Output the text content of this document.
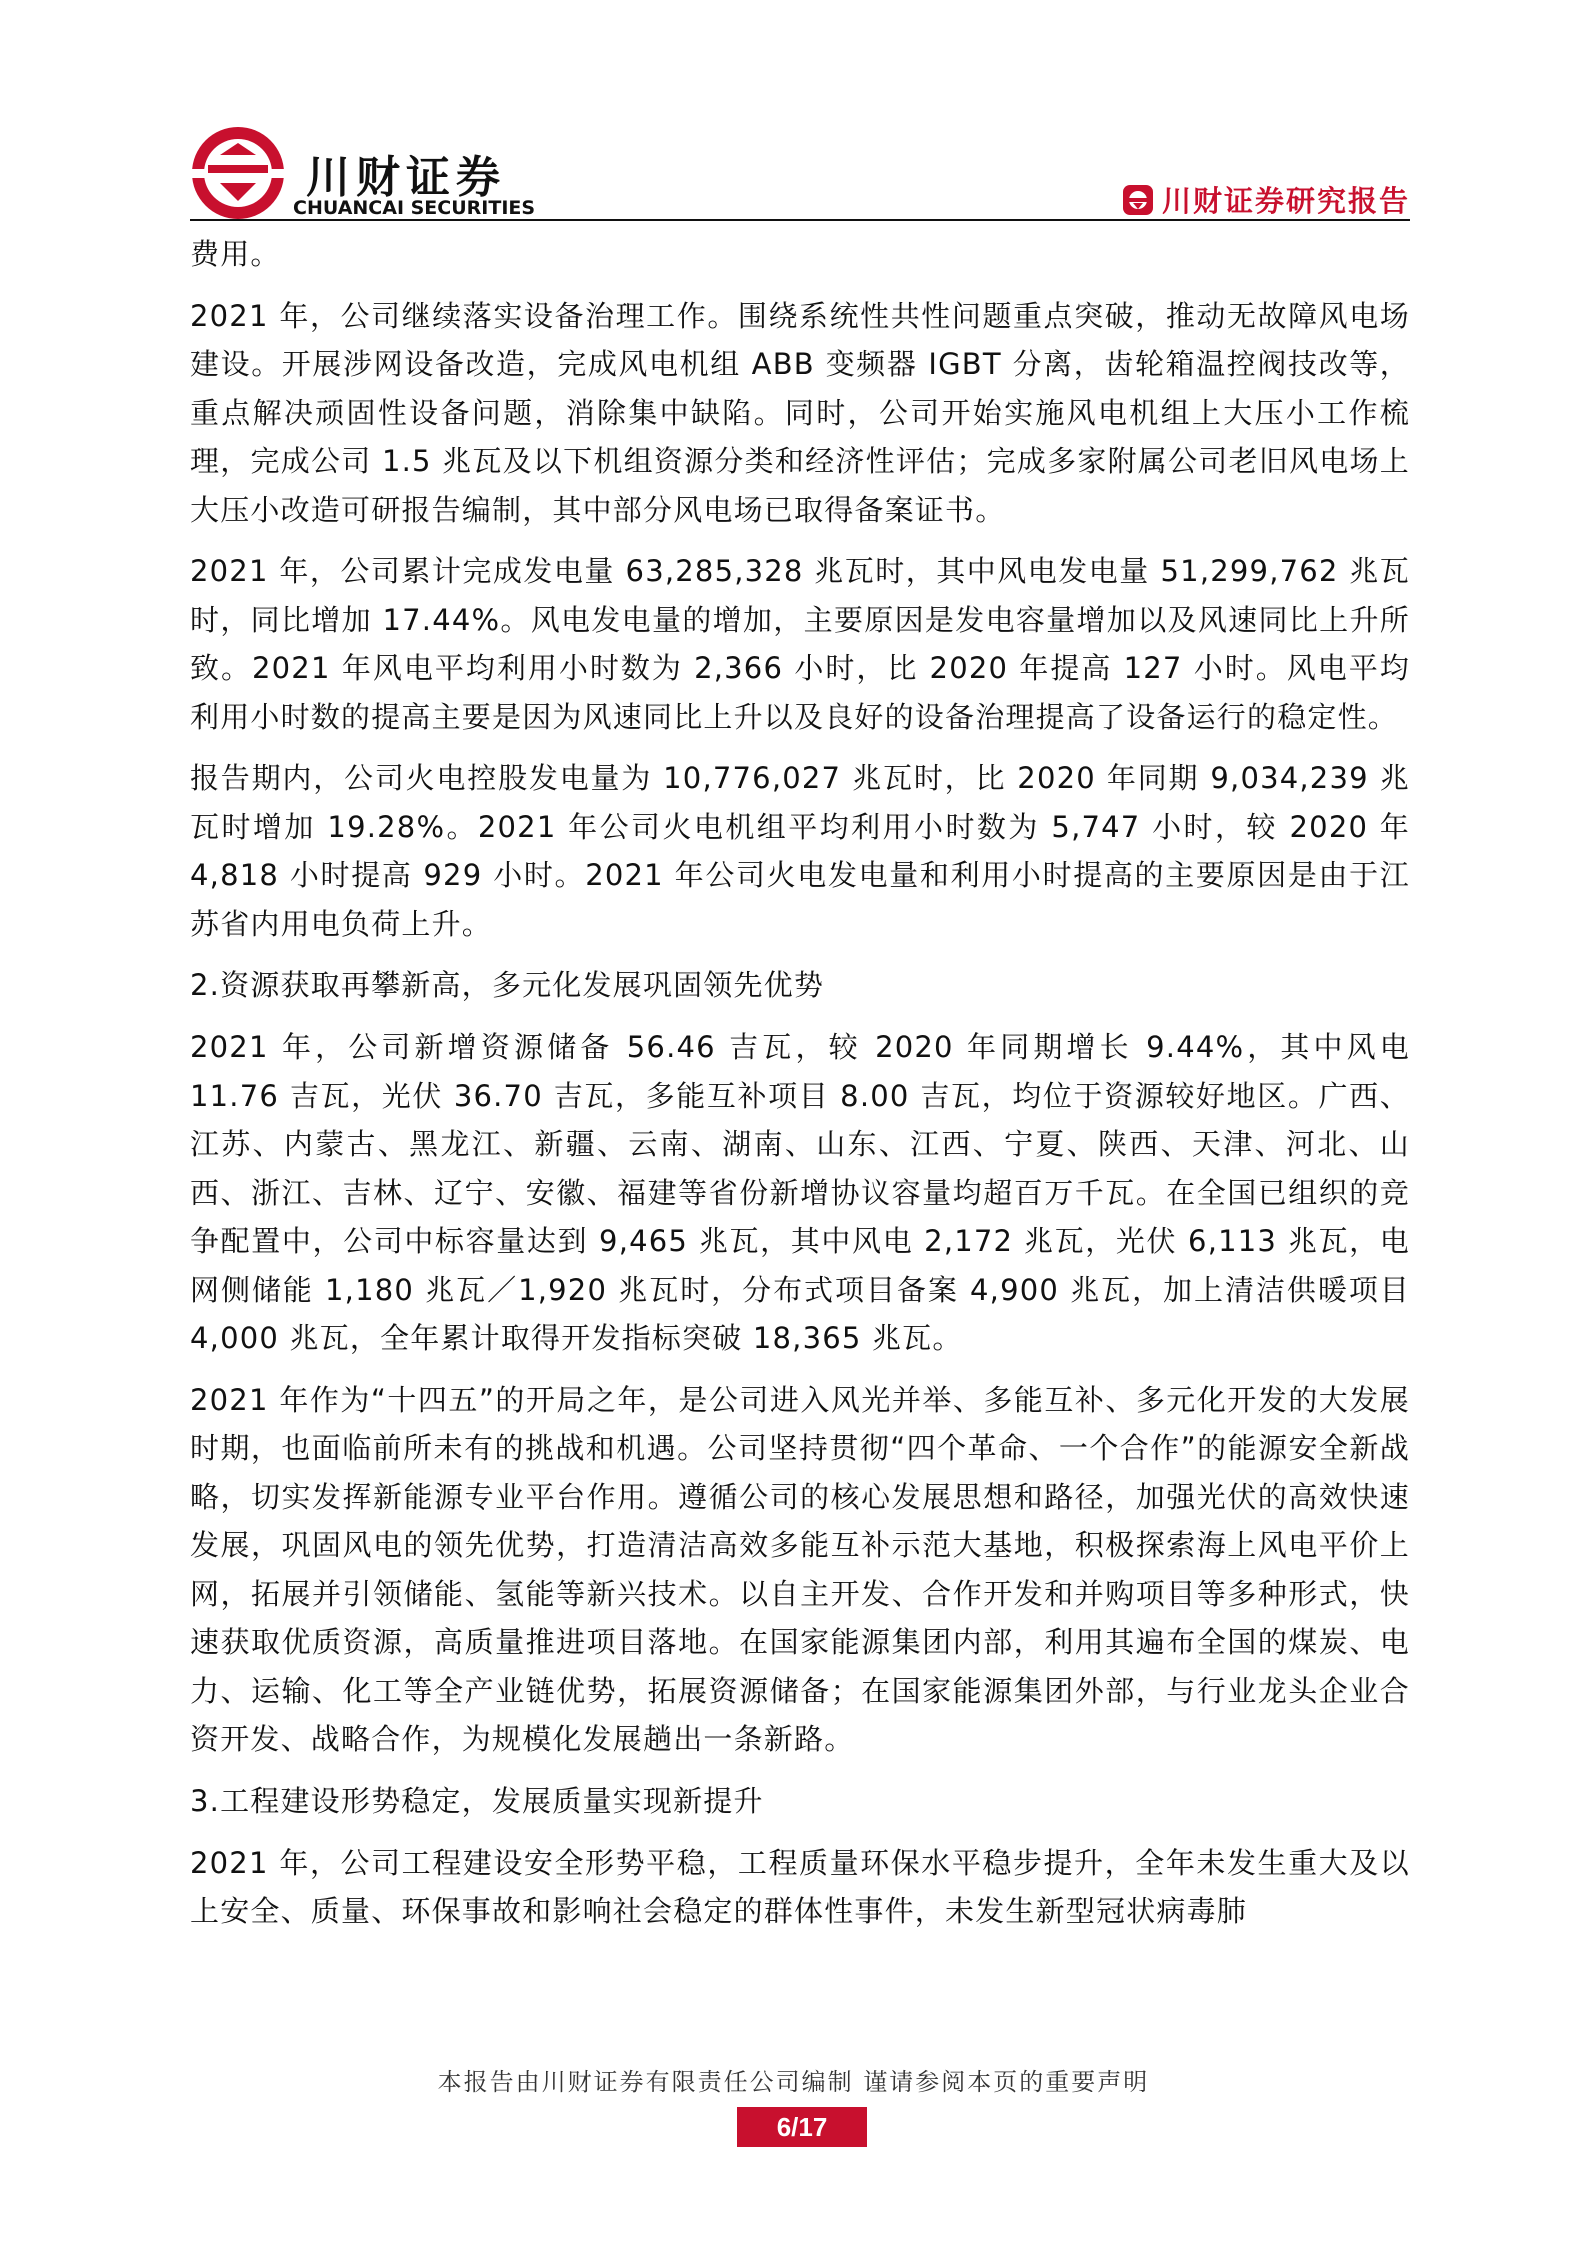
川财证券
CHUANCAI SECURITIES	川财证券研究报告

费用。

2021 年，公司继续落实设备治理工作。围绕系统性共性问题重点突破，推动无故障风电场建设。开展涉网设备改造，完成风电机组 ABB 变频器 IGBT 分离，齿轮箱温控阀技改等，重点解决顽固性设备问题，消除集中缺陷。同时，公司开始实施风电机组上大压小工作梳理，完成公司 1.5 兆瓦及以下机组资源分类和经济性评估；完成多家附属公司老旧风电场上大压小改造可研报告编制，其中部分风电场已取得备案证书。

2021 年，公司累计完成发电量 63,285,328 兆瓦时，其中风电发电量 51,299,762 兆瓦时，同比增加 17.44%。风电发电量的增加，主要原因是发电容量增加以及风速同比上升所致。2021 年风电平均利用小时数为 2,366 小时，比 2020 年提高 127 小时。风电平均利用小时数的提高主要是因为风速同比上升以及良好的设备治理提高了设备运行的稳定性。

报告期内，公司火电控股发电量为 10,776,027 兆瓦时，比 2020 年同期 9,034,239 兆瓦时增加 19.28%。2021 年公司火电机组平均利用小时数为 5,747 小时，较 2020 年 4,818 小时提高 929 小时。2021 年公司火电发电量和利用小时提高的主要原因是由于江苏省内用电负荷上升。

2.资源获取再攀新高，多元化发展巩固领先优势

2021 年，公司新增资源储备 56.46 吉瓦，较 2020 年同期增长 9.44%，其中风电 11.76 吉瓦，光伏 36.70 吉瓦，多能互补项目 8.00 吉瓦，均位于资源较好地区。广西、江苏、内蒙古、黑龙江、新疆、云南、湖南、山东、江西、宁夏、陕西、天津、河北、山西、浙江、吉林、辽宁、安徽、福建等省份新增协议容量均超百万千瓦。在全国已组织的竞争配置中，公司中标容量达到 9,465 兆瓦，其中风电 2,172 兆瓦，光伏 6,113 兆瓦，电网侧储能 1,180 兆瓦／1,920 兆瓦时，分布式项目备案 4,900 兆瓦，加上清洁供暖项目 4,000 兆瓦，全年累计取得开发指标突破 18,365 兆瓦。

2021 年作为“十四五”的开局之年，是公司进入风光并举、多能互补、多元化开发的大发展时期，也面临前所未有的挑战和机遇。公司坚持贯彻“四个革命、一个合作”的能源安全新战略，切实发挥新能源专业平台作用。遵循公司的核心发展思想和路径，加强光伏的高效快速发展，巩固风电的领先优势，打造清洁高效多能互补示范大基地，积极探索海上风电平价上网，拓展并引领储能、氢能等新兴技术。以自主开发、合作开发和并购项目等多种形式，快速获取优质资源，高质量推进项目落地。在国家能源集团内部，利用其遍布全国的煤炭、电力、运输、化工等全产业链优势，拓展资源储备；在国家能源集团外部，与行业龙头企业合资开发、战略合作，为规模化发展趟出一条新路。

3.工程建设形势稳定，发展质量实现新提升

2021 年，公司工程建设安全形势平稳，工程质量环保水平稳步提升，全年未发生重大及以上安全、质量、环保事故和影响社会稳定的群体性事件，未发生新型冠状病毒肺

本报告由川财证券有限责任公司编制 谨请参阅本页的重要声明
6/17
